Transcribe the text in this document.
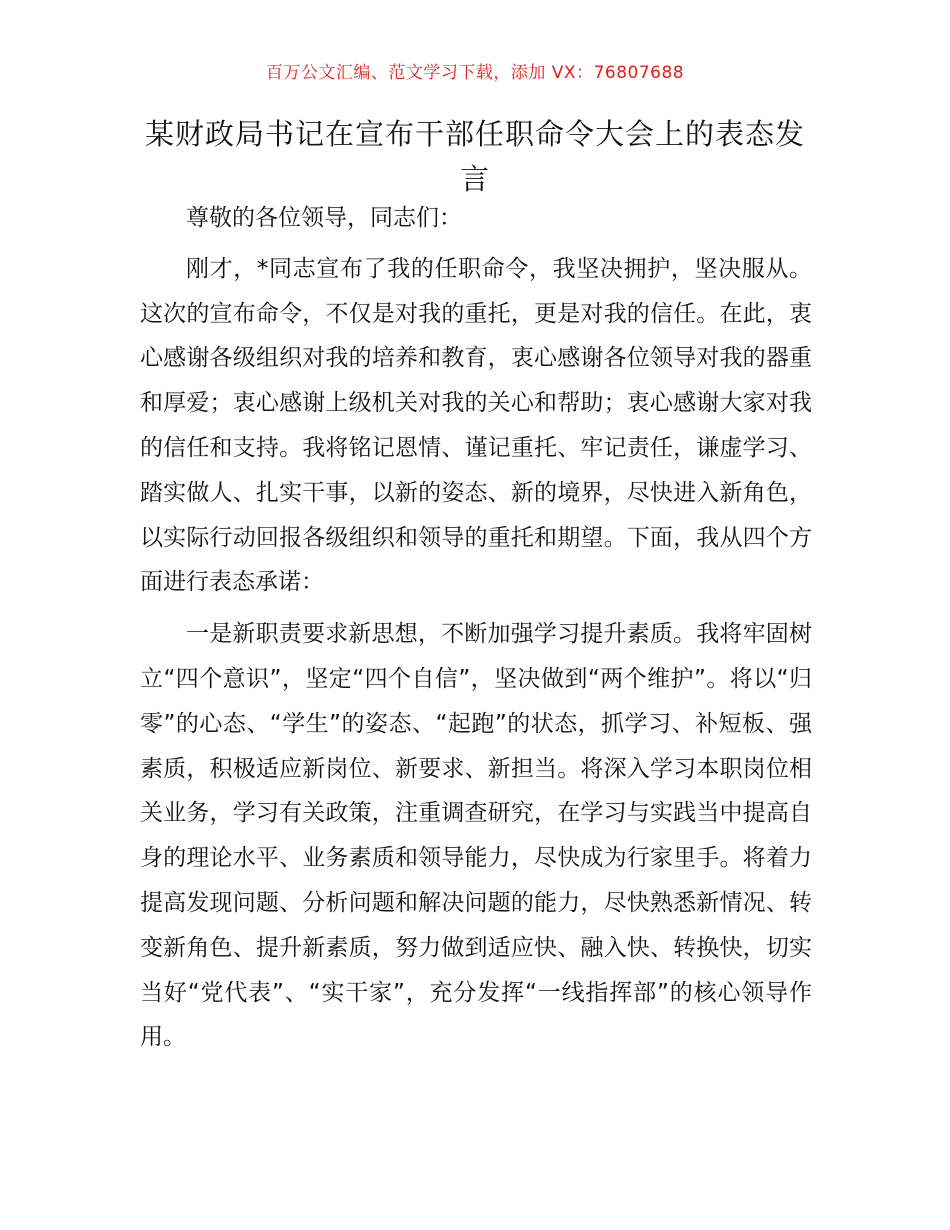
百万公文汇编、范文学习下载，添加 VX：76807688
某财政局书记在宣布干部任职命令大会上的表态发言

尊敬的各位领导，同志们：

刚才，*同志宣布了我的任职命令，我坚决拥护，坚决服从。这次的宣布命令，不仅是对我的重托，更是对我的信任。在此，衷心感谢各级组织对我的培养和教育，衷心感谢各位领导对我的器重和厚爱；衷心感谢上级机关对我的关心和帮助；衷心感谢大家对我的信任和支持。我将铭记恩情、谨记重托、牢记责任，谦虚学习、踏实做人、扎实干事，以新的姿态、新的境界，尽快进入新角色，以实际行动回报各级组织和领导的重托和期望。下面，我从四个方面进行表态承诺：

一是新职责要求新思想，不断加强学习提升素质。我将牢固树立“四个意识”，坚定“四个自信”，坚决做到“两个维护”。将以“归零”的心态、“学生”的姿态、“起跑”的状态，抓学习、补短板、强素质，积极适应新岗位、新要求、新担当。将深入学习本职岗位相关业务，学习有关政策，注重调查研究，在学习与实践当中提高自身的理论水平、业务素质和领导能力，尽快成为行家里手。将着力提高发现问题、分析问题和解决问题的能力，尽快熟悉新情况、转变新角色、提升新素质，努力做到适应快、融入快、转换快，切实当好“党代表”、“实干家”，充分发挥“一线指挥部”的核心领导作用。
